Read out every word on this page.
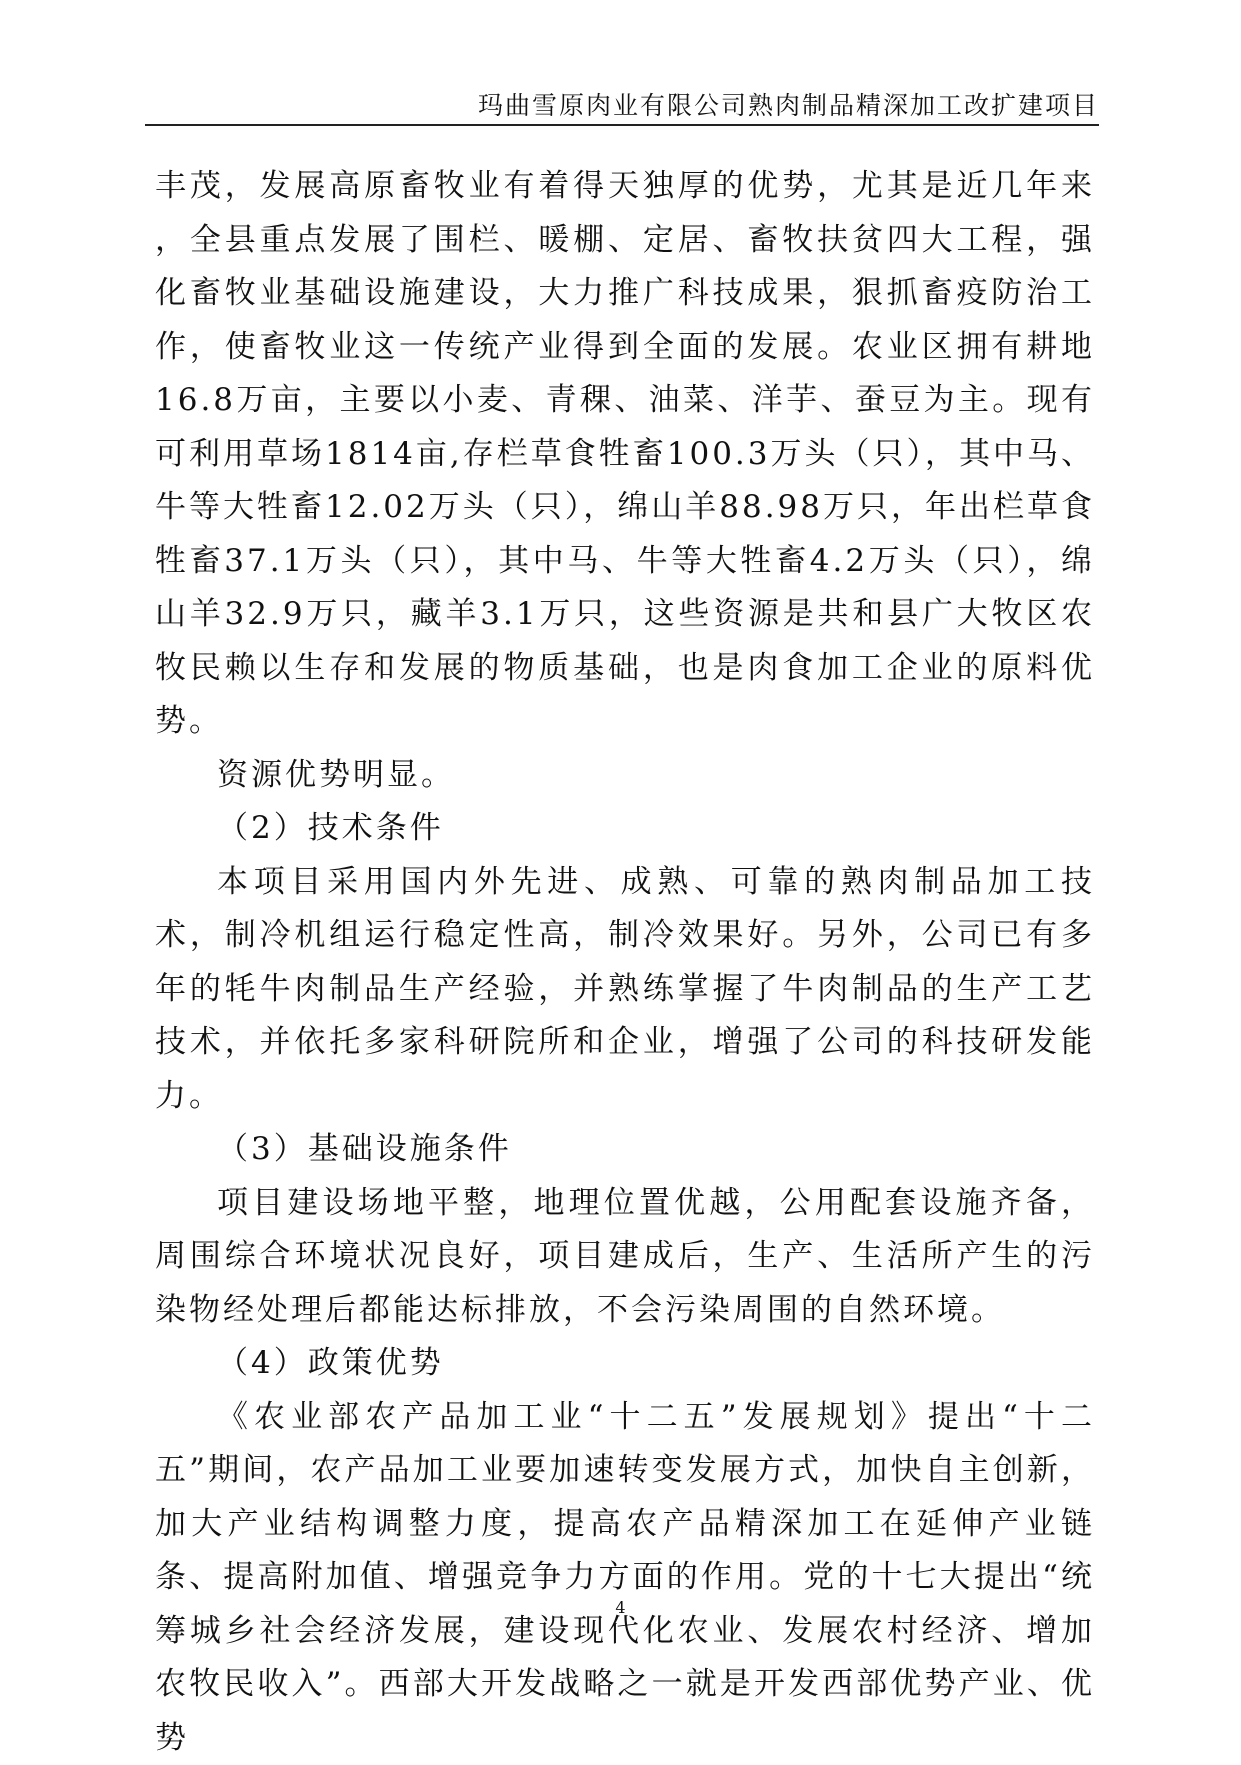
玛曲雪原肉业有限公司熟肉制品精深加工改扩建项目

丰茂，发展高原畜牧业有着得天独厚的优势，尤其是近几年来 ，全县重点发展了围栏、暖棚、定居、畜牧扶贫四大工程，强化畜牧业基础设施建设，大力推广科技成果，狠抓畜疫防治工作，使畜牧业这一传统产业得到全面的发展。农业区拥有耕地16.8万亩，主要以小麦、青稞、油菜、洋芋、蚕豆为主。现有可利用草场1814亩,存栏草食牲畜100.3万头（只），其中马、牛等大牲畜12.02万头（只），绵山羊88.98万只，年出栏草食牲畜37.1万头（只），其中马、牛等大牲畜4.2万头（只），绵山羊32.9万只，藏羊3.1万只，这些资源是共和县广大牧区农牧民赖以生存和发展的物质基础，也是肉食加工企业的原料优势。

资源优势明显。

（2）技术条件

本项目采用国内外先进、成熟、可靠的熟肉制品加工技术，制冷机组运行稳定性高，制冷效果好。另外，公司已有多年的牦牛肉制品生产经验，并熟练掌握了牛肉制品的生产工艺技术，并依托多家科研院所和企业，增强了公司的科技研发能力。

（3）基础设施条件

项目建设场地平整，地理位置优越，公用配套设施齐备，周围综合环境状况良好，项目建成后，生产、生活所产生的污染物经处理后都能达标排放，不会污染周围的自然环境。

（4）政策优势

《农业部农产品加工业“十二五”发展规划》提出“十二五”期间，农产品加工业要加速转变发展方式，加快自主创新，加大产业结构调整力度，提高农产品精深加工在延伸产业链条、提高附加值、增强竞争力方面的作用。党的十七大提出“统筹城乡社会经济发展，建设现代化农业、发展农村经济、增加农牧民收入”。西部大开发战略之一就是开发西部优势产业、优势

4
